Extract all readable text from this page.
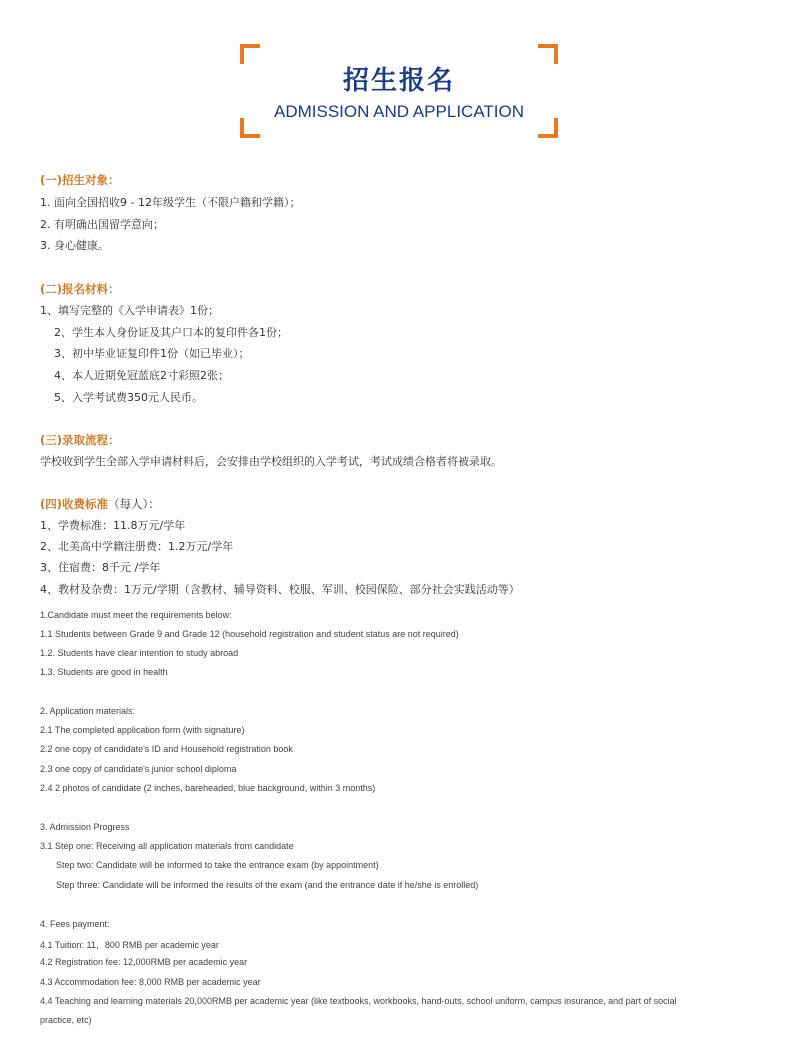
招生报名
ADMISSION AND APPLICATION
(一)招生对象：
1. 面向全国招收9 - 12年级学生（不限户籍和学籍）；
2. 有明确出国留学意向；
3. 身心健康。
(二)报名材料：
1、填写完整的《入学申请表》1份；
2、学生本人身份证及其户口本的复印件各1份；
3、初中毕业证复印件1份（如已毕业）；
4、本人近期免冠蓝底2寸彩照2张；
5、入学考试费350元人民币。
(三)录取流程：
学校收到学生全部入学申请材料后，会安排由学校组织的入学考试，考试成绩合格者将被录取。
(四)收费标准（每人）：
1、学费标准：11.8万元/学年
2、北美高中学籍注册费：1.2万元/学年
3、住宿费：8千元 /学年
4、教材及杂费：1万元/学期（含教材、辅导资料、校服、军训、校园保险、部分社会实践活动等）
1.Candidate must meet the requirements below:
1.1 Students between Grade 9 and Grade 12 (household registration and student status are not required)
1.2. Students have clear intention to study abroad
1.3. Students are good in health
2. Application materials:
2.1 The completed application form (with signature)
2.2 one copy of candidate's ID and Household registration book
2.3 one copy of candidate's junior school diploma
2.4 2 photos of candidate (2 inches, bareheaded, blue background, within 3 months)
3. Admission Progress
3.1 Step one: Receiving all application materials from candidate
Step two: Candidate will be informed to take the entrance exam (by appointment)
Step three: Candidate will be informed the results of the exam (and the entrance date if he/she is enrolled)
4. Fees payment:
4.1 Tuition: 11，800 RMB per academic year
4.2 Registration fee: 12,000RMB per academic year
4.3 Accommodation fee: 8,000 RMB per academic year
4.4 Teaching and learning materials 20,000RMB per academic year (like textbooks, workbooks, hand-outs, school uniform, campus insurance, and part of social
practice, etc)
